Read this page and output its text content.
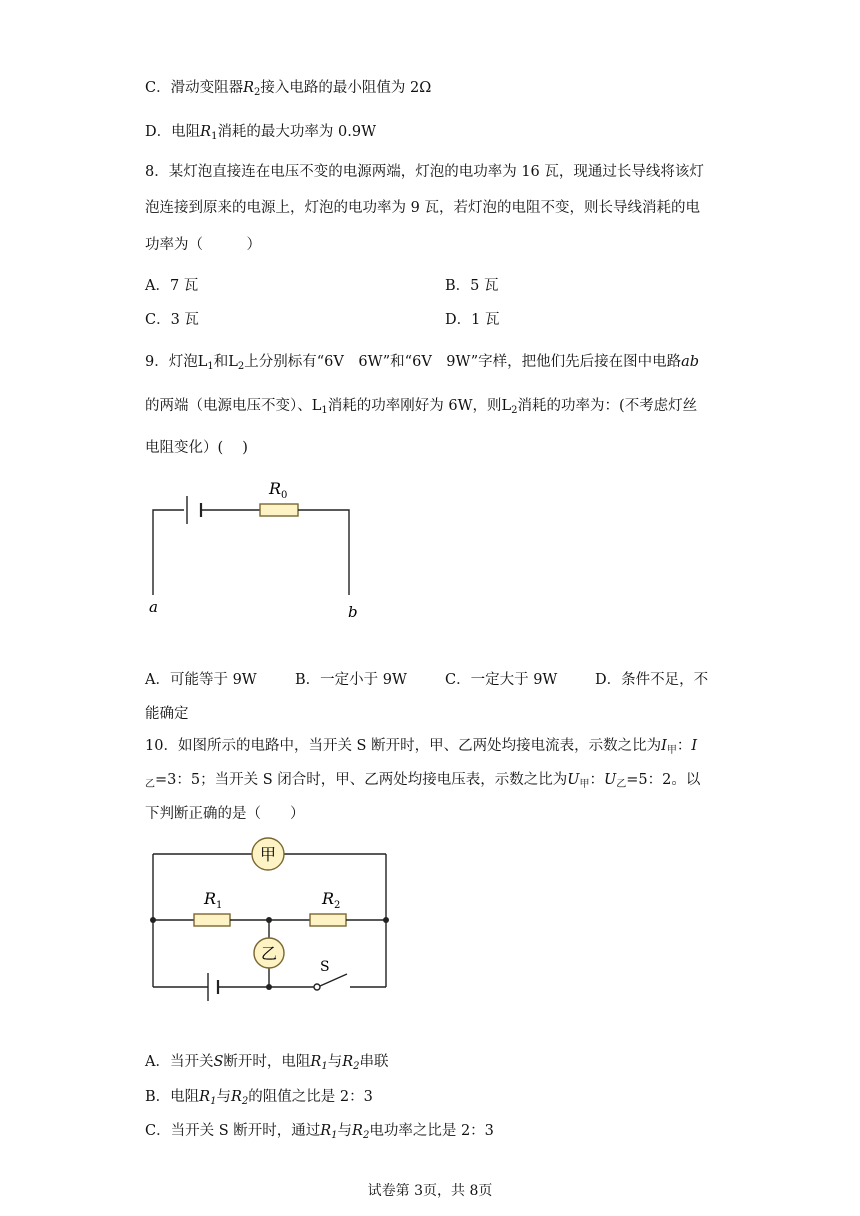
C．滑动变阻器$R_2$接入电路的最小阻值为 2Ω
D．电阻$R_1$消耗的最大功率为 0.9W
8．某灯泡直接连在电压不变的电源两端，灯泡的电功率为 16 瓦，现通过长导线将该灯
泡连接到原来的电源上，灯泡的电功率为 9 瓦，若灯泡的电阻不变，则长导线消耗的电
功率为（　　　）
A．7 瓦	B．5 瓦
C．3 瓦	D．1 瓦
9．灯泡$L_1$和$L_2$上分别标有“6V　6W”和“6V　9W”字样，把他们先后接在图中电路ab
的两端（电源电压不变）、$L_1$消耗的功率刚好为 6W，则$L_2$消耗的功率为：(不考虑灯丝
电阻变化）(　 )
R 0
a	b
A．可能等于 9W	B．一定小于 9W	C．一定大于 9W	D．条件不足，不
能确定
10．如图所示的电路中，当开关 S 断开时，甲、乙两处均接电流表，示数之比为$I_甲$：I
$_乙$=3：5；当开关 S 闭合时，甲、乙两处均接电压表，示数之比为$U_甲$：$U_乙=5$：2。以
下判断正确的是（　　）
甲
乙
R 1	R 2
S
A．当开关S断开时，电阻$R_1$与$R_2$串联
B．电阻$R_1$与$R_2$的阻值之比是 2：3
C．当开关 S 断开时，通过$R_1$与$R_2$电功率之比是 2：3
试卷第 3页，共 8页
